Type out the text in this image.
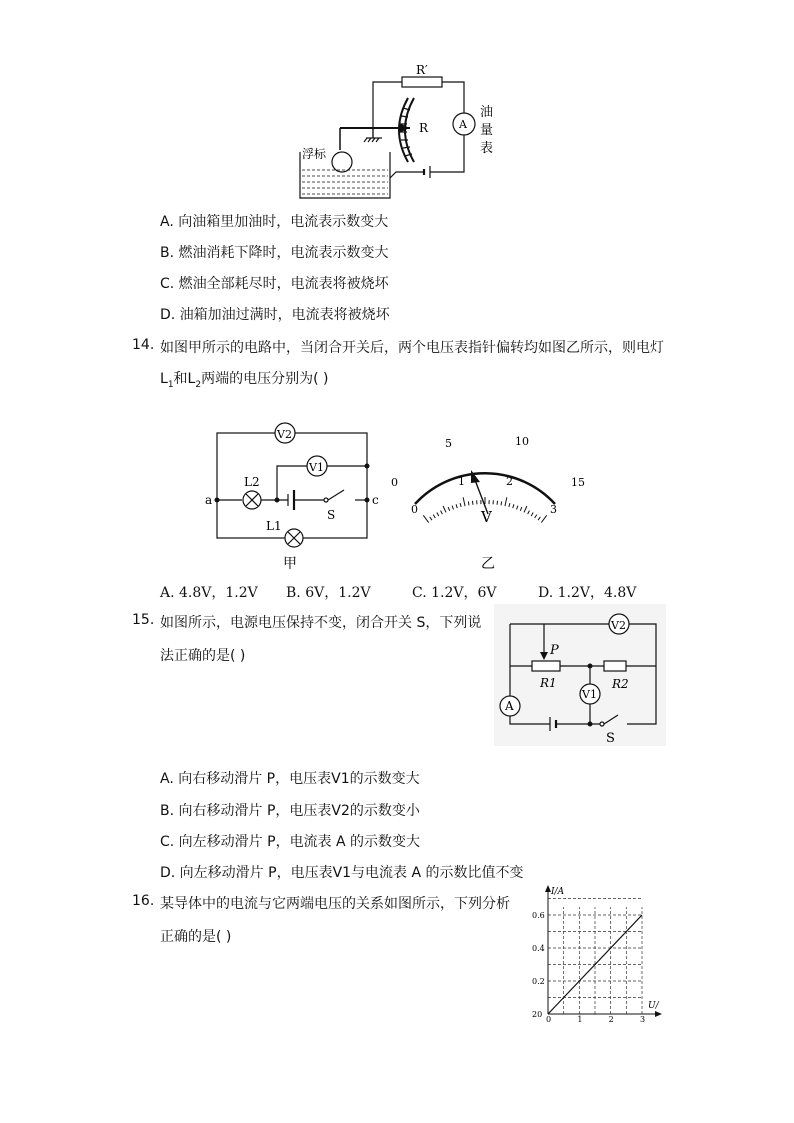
R′
R	A
油
量
表
浮标
A. 向油箱里加油时，电流表示数变大
B. 燃油消耗下降时，电流表示数变大
C. 燃油全部耗尽时，电流表将被烧坏
D. 油箱加油过满时，电流表将被烧坏
14. 如图甲所示的电路中，当闭合开关后，两个电压表指针偏转均如图乙所示，则电灯
$L_1$和$L_2$两端的电压分别为( )
V2
V1
L2
L1
a	c
S
甲
0
5	10
15
0
1	2
3
V
乙
A. 4.8V，1.2V B. 6V，1.2V	C. 1.2V，6V	D. 1.2V，4.8V
15. 如图所示，电源电压保持不变，闭合开关 S，下列说
法正确的是( )
V2
P
R1
V1
R2
A
S
A. 向右移动滑片 P，电压表V1的示数变大
B. 向右移动滑片 P，电压表V2的示数变小
C. 向左移动滑片 P，电流表 A 的示数变大
D. 向左移动滑片 P，电压表V1与电流表 A 的示数比值不变
16. 某导体中的电流与它两端电压的关系如图所示，下列分析
正确的是( )
I/A
U/
20
0	1	2	3
0.2
0.4
0.6
